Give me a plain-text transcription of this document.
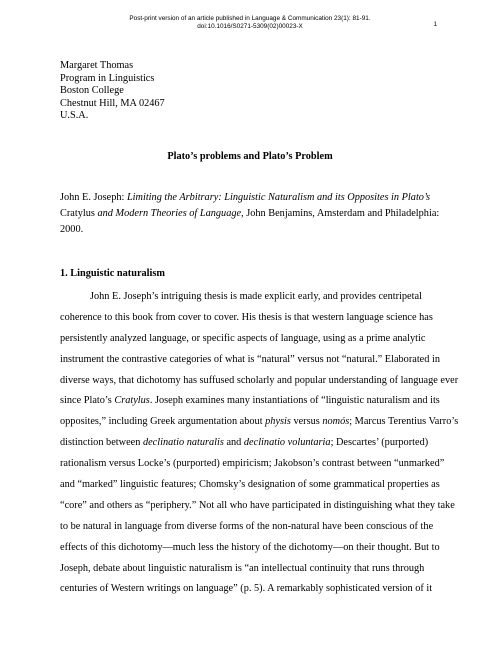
Post-print version of an article published in Language & Communication 23(1): 81-91.
doi:10.1016/S0271-5309(02)00023-X	1
Margaret Thomas
Program in Linguistics
Boston College
Chestnut Hill, MA 02467
U.S.A.
Plato’s problems and Plato’s Problem
John E. Joseph: Limiting the Arbitrary: Linguistic Naturalism and its Opposites in Plato’s
Cratylus and Modern Theories of Language, John Benjamins, Amsterdam and Philadelphia:
2000.
1. Linguistic naturalism
John E. Joseph’s intriguing thesis is made explicit early, and provides centripetal
coherence to this book from cover to cover. His thesis is that western language science has
persistently analyzed language, or specific aspects of language, using as a prime analytic
instrument the contrastive categories of what is “natural” versus not “natural.” Elaborated in
diverse ways, that dichotomy has suffused scholarly and popular understanding of language ever
since Plato’s Cratylus. Joseph examines many instantiations of “linguistic naturalism and its
opposites,” including Greek argumentation about physis versus nomós; Marcus Terentius Varro’s
distinction between declinatio naturalis and declinatio voluntaria; Descartes’ (purported)
rationalism versus Locke’s (purported) empiricism; Jakobson’s contrast between “unmarked”
and “marked” linguistic features; Chomsky’s designation of some grammatical properties as
“core” and others as “periphery.” Not all who have participated in distinguishing what they take
to be natural in language from diverse forms of the non-natural have been conscious of the
effects of this dichotomy—much less the history of the dichotomy—on their thought. But to
Joseph, debate about linguistic naturalism is “an intellectual continuity that runs through
centuries of Western writings on language” (p. 5). A remarkably sophisticated version of it
